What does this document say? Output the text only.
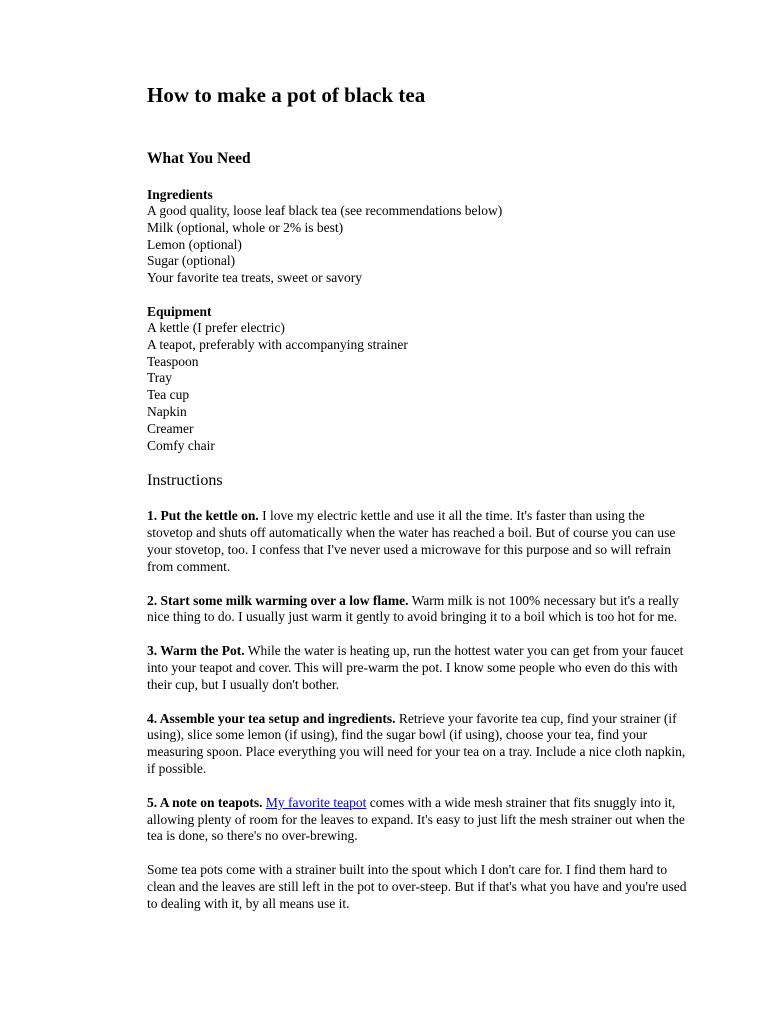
How to make a pot of black tea
What You Need
Ingredients
A good quality, loose leaf black tea (see recommendations below)
Milk (optional, whole or 2% is best)
Lemon (optional)
Sugar (optional)
Your favorite tea treats, sweet or savory
Equipment
A kettle (I prefer electric)
A teapot, preferably with accompanying strainer
Teaspoon
Tray
Tea cup
Napkin
Creamer
Comfy chair
Instructions

1. Put the kettle on. I love my electric kettle and use it all the time. It's faster than using the stovetop and shuts off automatically when the water has reached a boil. But of course you can use your stovetop, too. I confess that I've never used a microwave for this purpose and so will refrain from comment.

2. Start some milk warming over a low flame. Warm milk is not 100% necessary but it's a really nice thing to do. I usually just warm it gently to avoid bringing it to a boil which is too hot for me.

3. Warm the Pot. While the water is heating up, run the hottest water you can get from your faucet into your teapot and cover. This will pre-warm the pot. I know some people who even do this with their cup, but I usually don't bother.

4. Assemble your tea setup and ingredients. Retrieve your favorite tea cup, find your strainer (if using), slice some lemon (if using), find the sugar bowl (if using), choose your tea, find your measuring spoon. Place everything you will need for your tea on a tray. Include a nice cloth napkin, if possible.

5. A note on teapots. My favorite teapot comes with a wide mesh strainer that fits snuggly into it, allowing plenty of room for the leaves to expand. It's easy to just lift the mesh strainer out when the tea is done, so there's no over-brewing.

Some tea pots come with a strainer built into the spout which I don't care for. I find them hard to clean and the leaves are still left in the pot to over-steep. But if that's what you have and you're used to dealing with it, by all means use it.
